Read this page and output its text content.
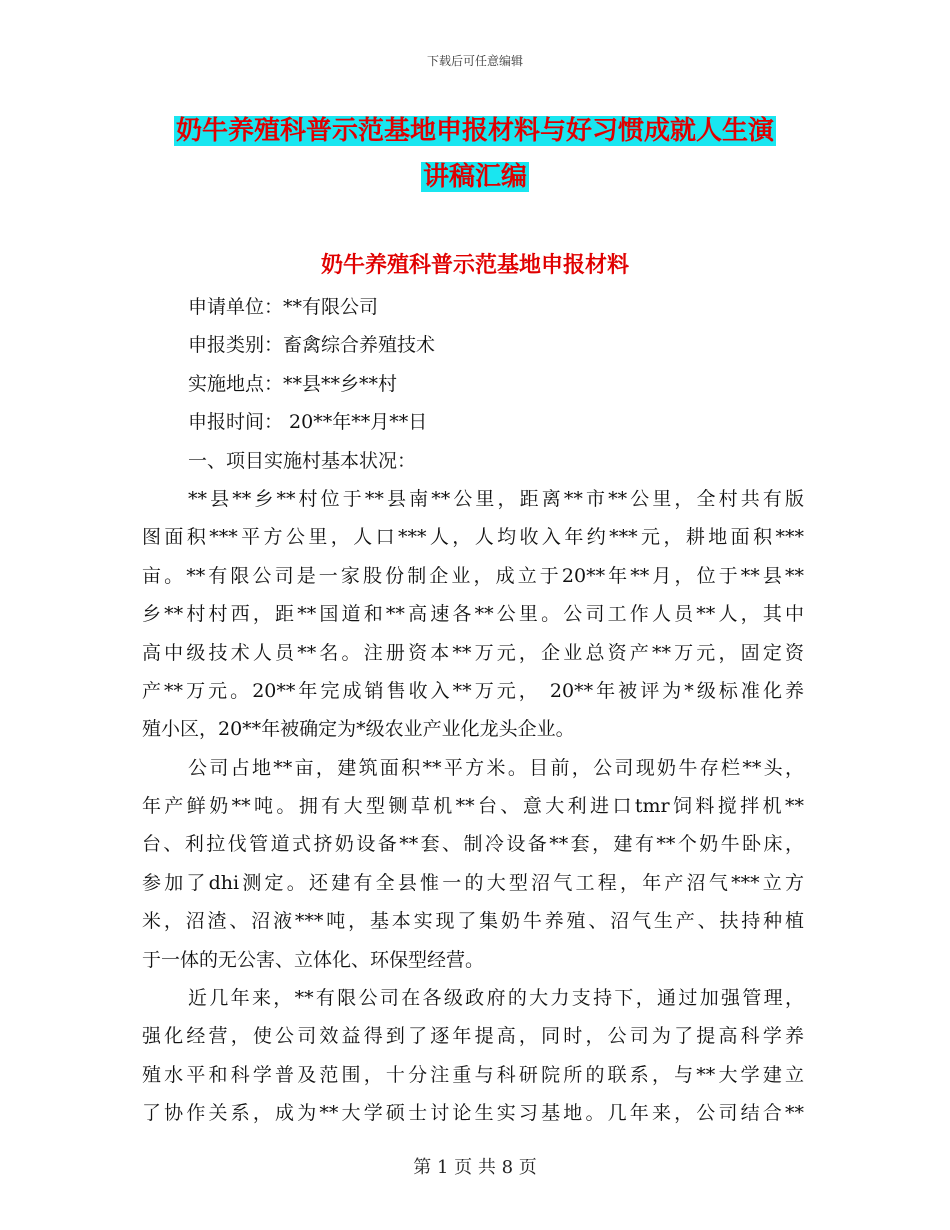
下载后可任意编辑
奶牛养殖科普示范基地申报材料与好习惯成就人生演
讲稿汇编
奶牛养殖科普示范基地申报材料
申请单位：**有限公司
申报类别：畜禽综合养殖技术
实施地点：**县**乡**村
申报时间： 20**年**月**日
一、项目实施村基本状况：
**县**乡**村位于**县南**公里，距离**市**公里，全村共有版
图面积***平方公里，人口***人，人均收入年约***元，耕地面积***
亩。**有限公司是一家股份制企业，成立于20**年**月，位于**县**
乡**村村西，距**国道和**高速各**公里。公司工作人员**人，其中
高中级技术人员**名。注册资本**万元，企业总资产**万元，固定资
产**万元。20**年完成销售收入**万元， 20**年被评为*级标准化养
殖小区，20**年被确定为*级农业产业化龙头企业。
公司占地**亩，建筑面积**平方米。目前，公司现奶牛存栏**头，
年产鲜奶**吨。拥有大型铡草机**台、意大利进口tmr饲料搅拌机**
台、利拉伐管道式挤奶设备**套、制冷设备**套，建有**个奶牛卧床，
参加了dhi测定。还建有全县惟一的大型沼气工程，年产沼气***立方
米，沼渣、沼液***吨，基本实现了集奶牛养殖、沼气生产、扶持种植
于一体的无公害、立体化、环保型经营。
近几年来，**有限公司在各级政府的大力支持下，通过加强管理，
强化经营，使公司效益得到了逐年提高，同时，公司为了提高科学养
殖水平和科学普及范围，十分注重与科研院所的联系，与**大学建立
了协作关系，成为**大学硕士讨论生实习基地。几年来，公司结合**
第 1 页 共 8 页
